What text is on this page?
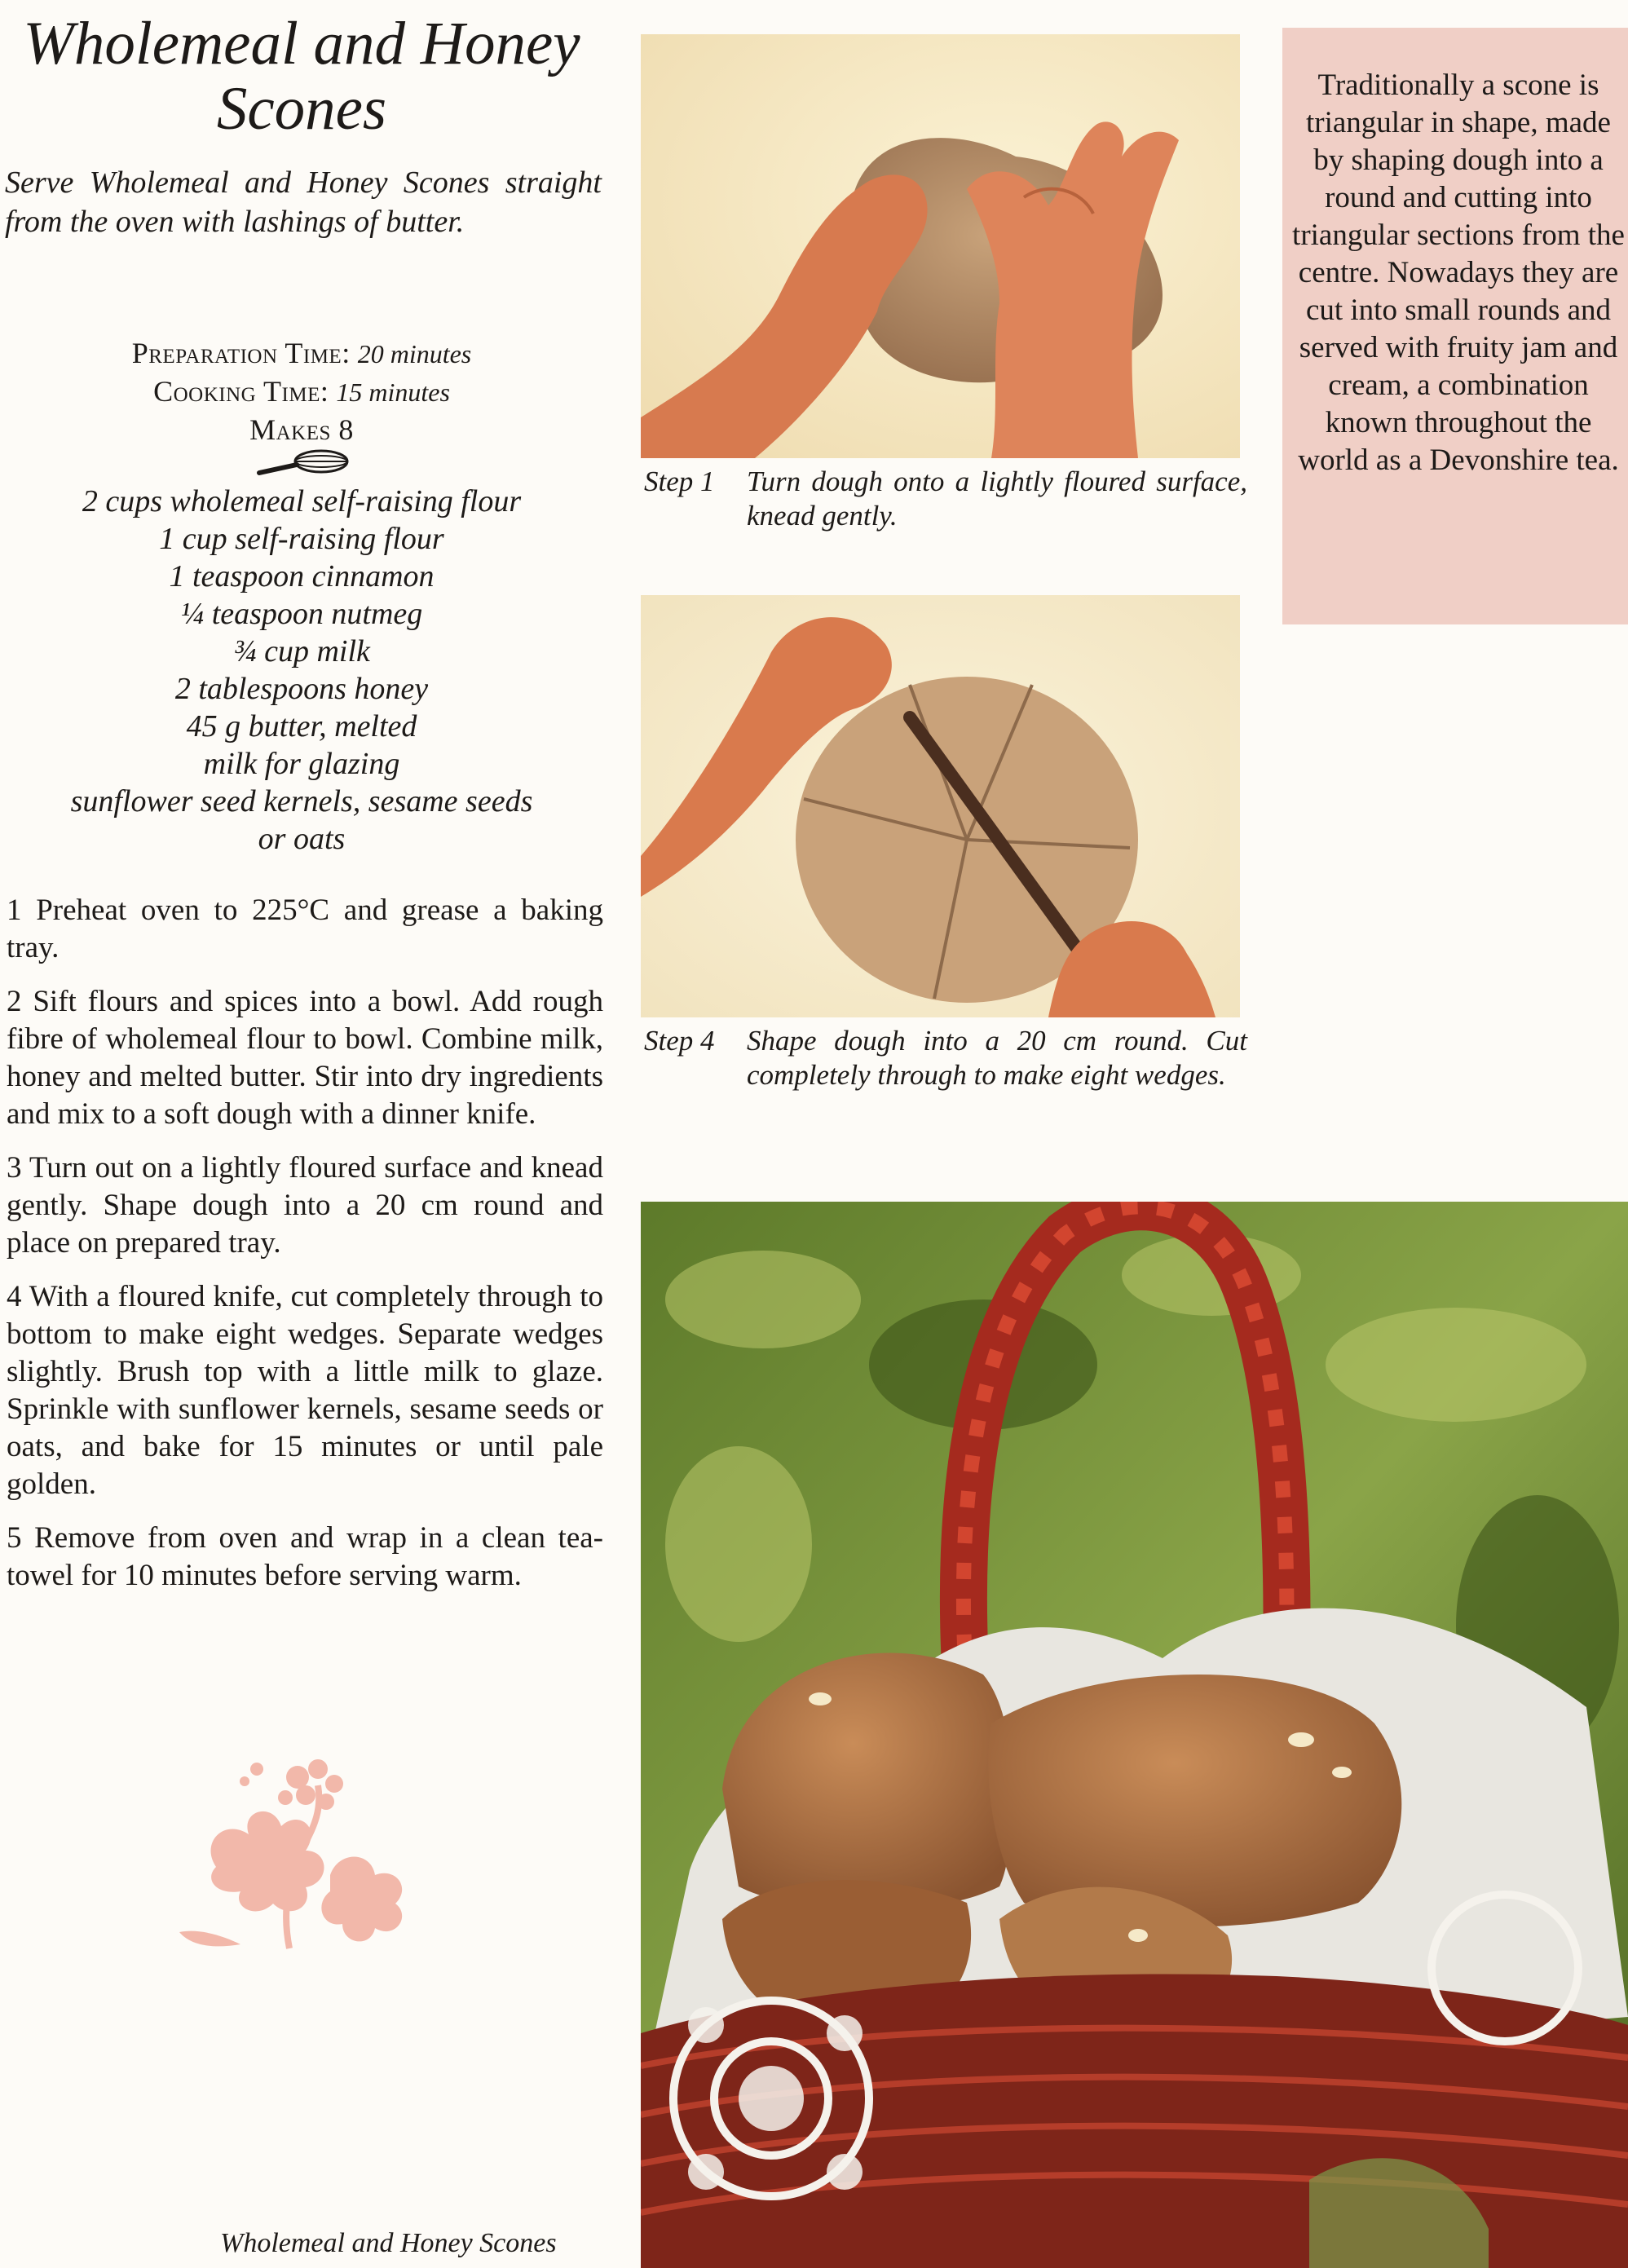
Wholemeal and Honey
Scones
Serve Wholemeal and Honey Scones straight from the oven with lashings of butter.
Preparation Time: 20 minutes
Cooking Time: 15 minutes
Makes 8
2 cups wholemeal self-raising flour
1 cup self-raising flour
1 teaspoon cinnamon
¼ teaspoon nutmeg
¾ cup milk
2 tablespoons honey
45 g butter, melted
milk for glazing
sunflower seed kernels, sesame seeds
or oats

1 Preheat oven to 225°C and grease a baking tray.

2 Sift flours and spices into a bowl. Add rough fibre of wholemeal flour to bowl. Combine milk, honey and melted butter. Stir into dry ingredients and mix to a soft dough with a dinner knife.

3 Turn out on a lightly floured surface and knead gently. Shape dough into a 20 cm round and place on prepared tray.

4 With a floured knife, cut completely through to bottom to make eight wedges. Separate wedges slightly. Brush top with a little milk to glaze. Sprinkle with sunflower kernels, sesame seeds or oats, and bake for 15 minutes or until pale golden.

5 Remove from oven and wrap in a clean tea-towel for 10 minutes before serving warm.

Wholemeal and Honey Scones
Step 1 Turn dough onto a lightly floured surface, knead gently.
Step 4 Shape dough into a 20 cm round. Cut completely through to make eight wedges.
Traditionally a scone is triangular in shape, made by shaping dough into a round and cutting into triangular sections from the centre. Nowadays they are cut into small rounds and served with fruity jam and cream, a combination known throughout the world as a Devonshire tea.
